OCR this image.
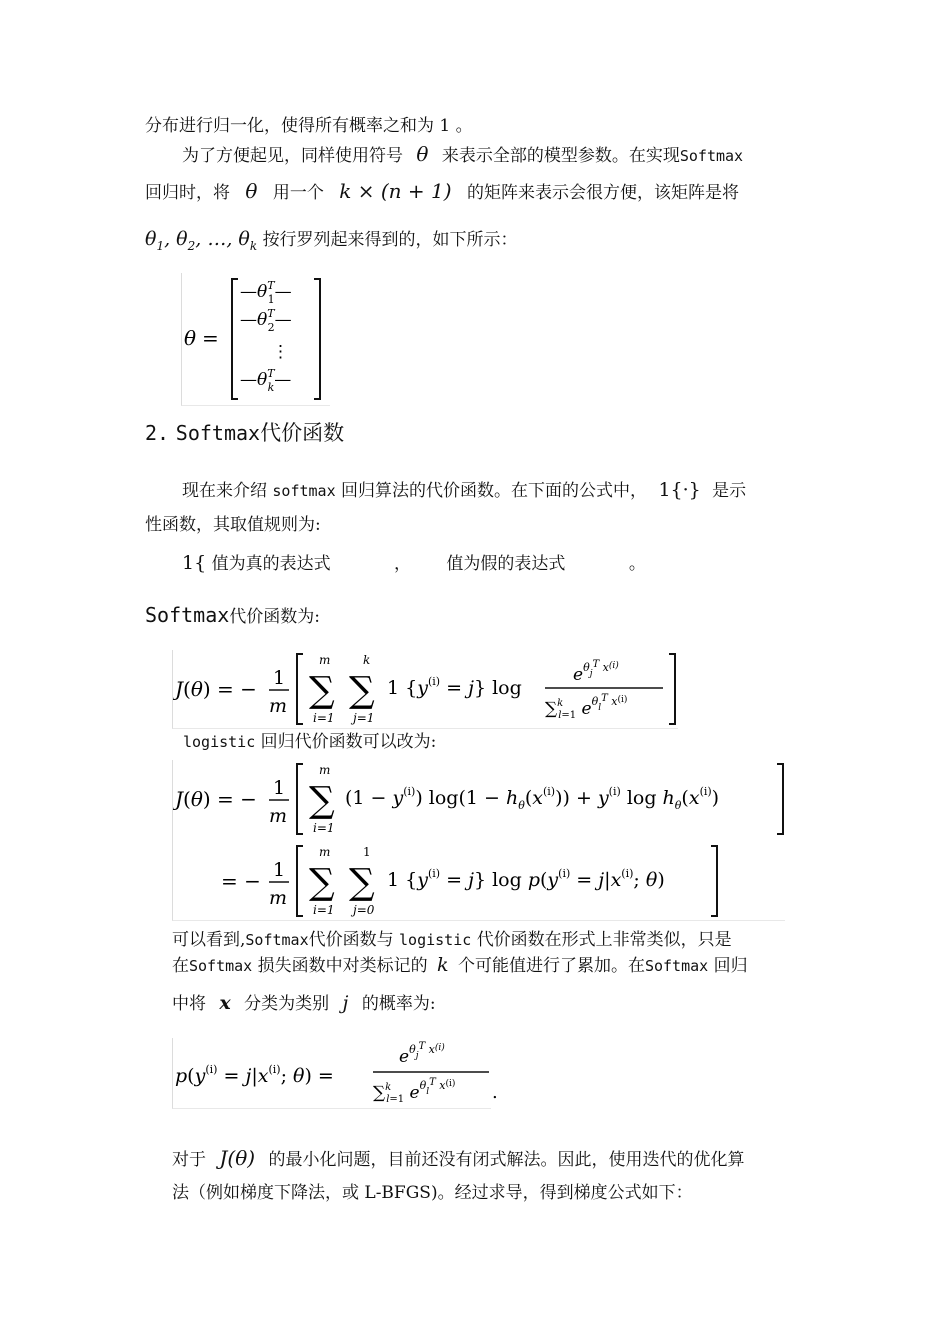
分布进行归一化，使得所有概率之和为 1 。
为了方便起见，同样使用符号 θ 来表示全部的模型参数。在实现Softmax
回归时，将 θ 用一个 k × (n + 1) 的矩阵来表示会很方便，该矩阵是将
$\theta_1$, $\theta_2$, …, $\theta_k$ 按行罗列起来得到的，如下所示：
θ =
$—\theta^T$ 1—
$—\theta^T$ 2—
⋮
$—\theta^T$ k—
2. Softmax代价函数
现在来介绍 softmax 回归算法的代价函数。在下面的公式中， 1{·} 是示
性函数，其取值规则为:
1{ 值为真的表达式	， 值为假的表达式	。
Softmax代价函数为:
J(θ) = − 1
m
m
∑
i=1
k
∑
j=1
1 $\{y^{(i)} = j\}$ log
$e^\theta_j^T$ $_x$(i)
∑$^k$ l=1 $e^\theta_l^T$ $_x$(i)
logistic 回归代价函数可以改为:
J(θ) = − 1
m
m
∑
i=1
$(1 - y^{(i)})$ $\log(1 - h_\theta(x^{(i)})) + y^{(i)}$ $\log h_\theta(x^{(i)})$
= − 1
m
m
∑
i=1
1
∑
j=0
1 $\{y^{(i)} = j\}$ $\log p(y^{(i)} = j|x^{(i)}$; θ)
可以看到,Softmax代价函数与 logistic 代价函数在形式上非常类似，只是
在Softmax 损失函数中对类标记的 k 个可能值进行了累加。在Softmax 回归
中将 x 分类为类别 j 的概率为:
$p(y^{(i)} = j|x^{(i)}$; θ) =
$e^\theta_j^T$ $_x$(i)
∑$^k$ l=1 $e^\theta_l^T$ $_x$(i) .
对于 J(θ) 的最小化问题，目前还没有闭式解法。因此，使用迭代的优化算
法（例如梯度下降法，或 L-BFGS)。经过求导，得到梯度公式如下：
